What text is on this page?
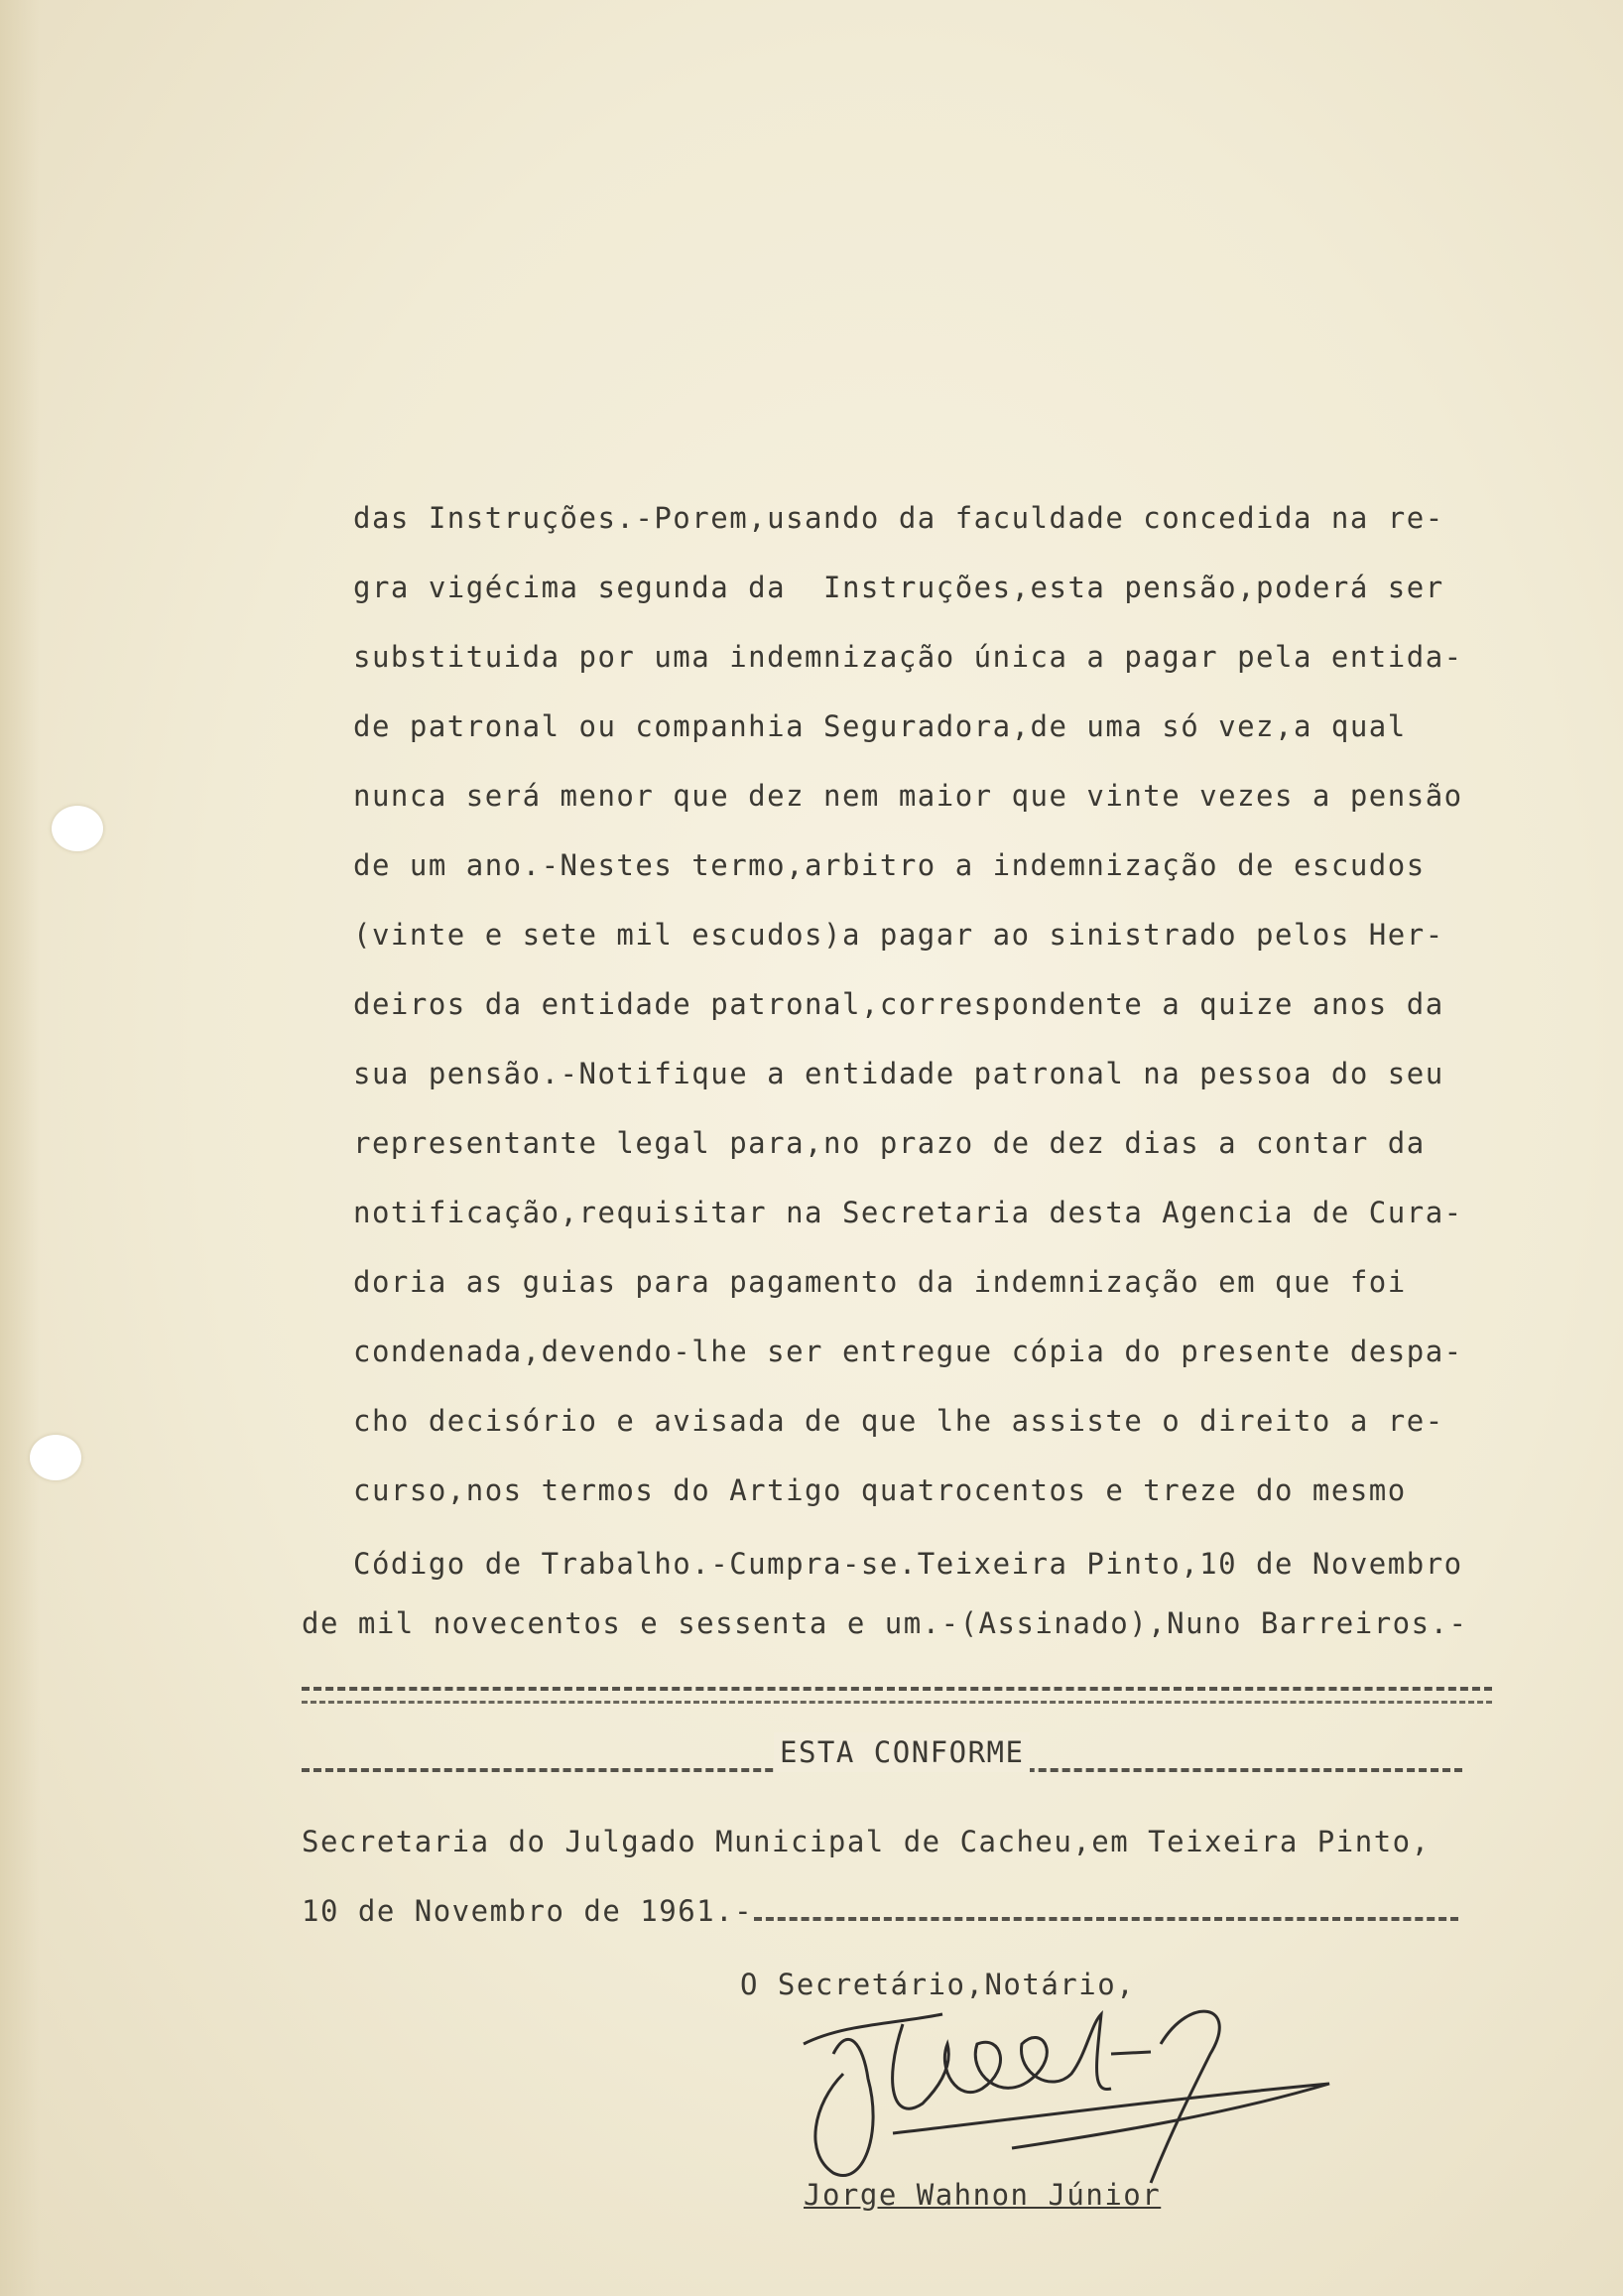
das Instruções.-Porem,usando da faculdade concedida na re-

gra vigécima segunda da  Instruções,esta pensão,poderá ser

substituida por uma indemnização única a pagar pela entida-

de patronal ou companhia Seguradora,de uma só vez,a qual

nunca será menor que dez nem maior que vinte vezes a pensão

de um ano.-Nestes termo,arbitro a indemnização de escudos

(vinte e sete mil escudos)a pagar ao sinistrado pelos Her-

deiros da entidade patronal,correspondente a quize anos da

sua pensão.-Notifique a entidade patronal na pessoa do seu

representante legal para,no prazo de dez dias a contar da

notificação,requisitar na Secretaria desta Agencia de Cura-

doria as guias para pagamento da indemnização em que foi

condenada,devendo-lhe ser entregue cópia do presente despa-

cho decisório e avisada de que lhe assiste o direito a re-

curso,nos termos do Artigo quatrocentos e treze do mesmo

Código de Trabalho.-Cumpra-se.Teixeira Pinto,10 de Novembro

de mil novecentos e sessenta e um.-(Assinado),Nuno Barreiros.-

ESTA CONFORME

Secretaria do Julgado Municipal de Cacheu,em Teixeira Pinto,

10 de Novembro de 1961.-

O Secretário,Notário,

Jorge Wahnon Júnior
